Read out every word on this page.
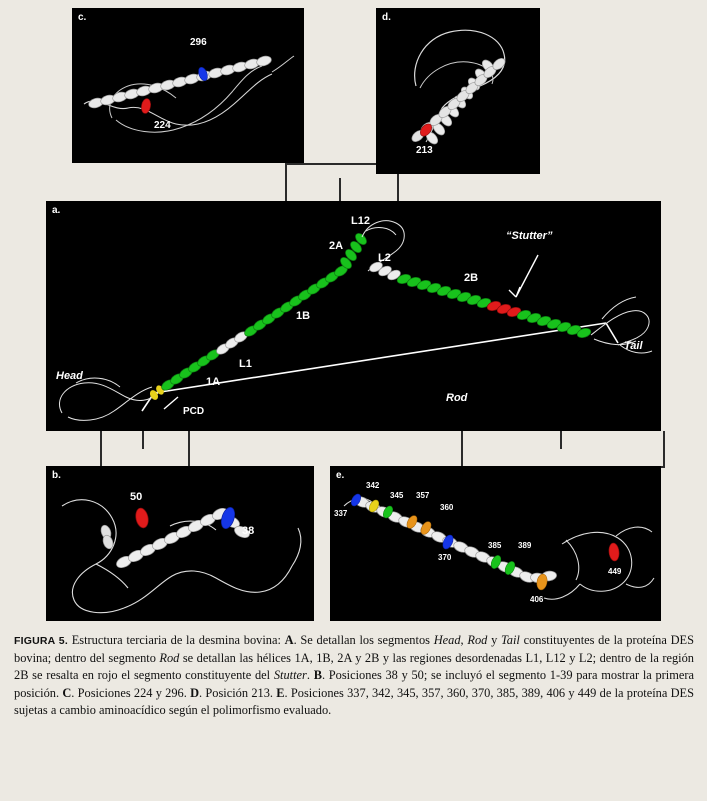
c.
296
224
d.
213
a.
Head
Tail
Rod
PCD
1A
L1
1B
2A
L12
L2
2B
“Stutter”
b.
50
38
e.
337
342
345 357
360
370
385 389
406
449
FIGURA 5. Estructura terciaria de la desmina bovina: A. Se detallan los segmentos Head, Rod y Tail constituyentes de la proteína DES bovina; dentro del segmento Rod se detallan las hélices 1A, 1B, 2A y 2B y las regiones desordenadas L1, L12 y L2; dentro de la región 2B se resalta en rojo el segmento constituyente del Stutter. B. Posiciones 38 y 50; se incluyó el segmento 1-39 para mostrar la primera posición. C. Posiciones 224 y 296. D. Posición 213. E. Posiciones 337, 342, 345, 357, 360, 370, 385, 389, 406 y 449 de la proteína DES sujetas a cambio aminoacídico según el polimorfismo evaluado.
